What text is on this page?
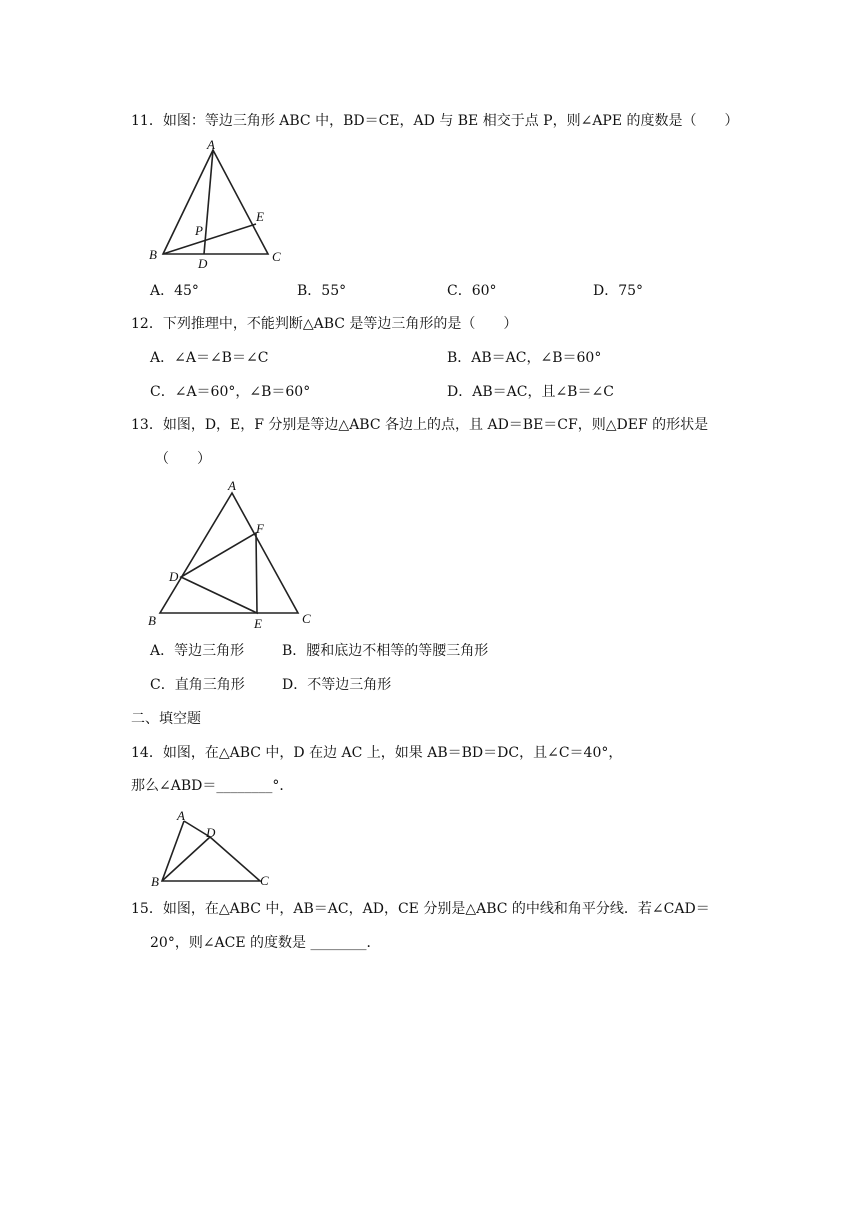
11．如图：等边三角形 ABC 中，BD＝CE，AD 与 BE 相交于点 P，则∠APE 的度数是（　　）
A
B	C
D
E
P
A．45°	B．55°	C．60°	D．75°
12．下列推理中，不能判断△ABC 是等边三角形的是（　　）
A．∠A＝∠B＝∠C	B．AB＝AC，∠B＝60°
C．∠A＝60°，∠B＝60°	D．AB＝AC，且∠B＝∠C
13．如图，D，E，F 分别是等边△ABC 各边上的点，且 AD＝BE＝CF，则△DEF 的形状是
（　　）
A
B	C
D
E
F
A．等边三角形	B．腰和底边不相等的等腰三角形
C．直角三角形	D．不等边三角形
二、填空题
14．如图，在△ABC 中，D 在边 AC 上，如果 AB＝BD＝DC，且∠C＝40°，
那么∠ABD＝________°．
A
B	C
D
15．如图，在△ABC 中，AB＝AC，AD，CE 分别是△ABC 的中线和角平分线．若∠CAD＝
20°，则∠ACE 的度数是 ________．
